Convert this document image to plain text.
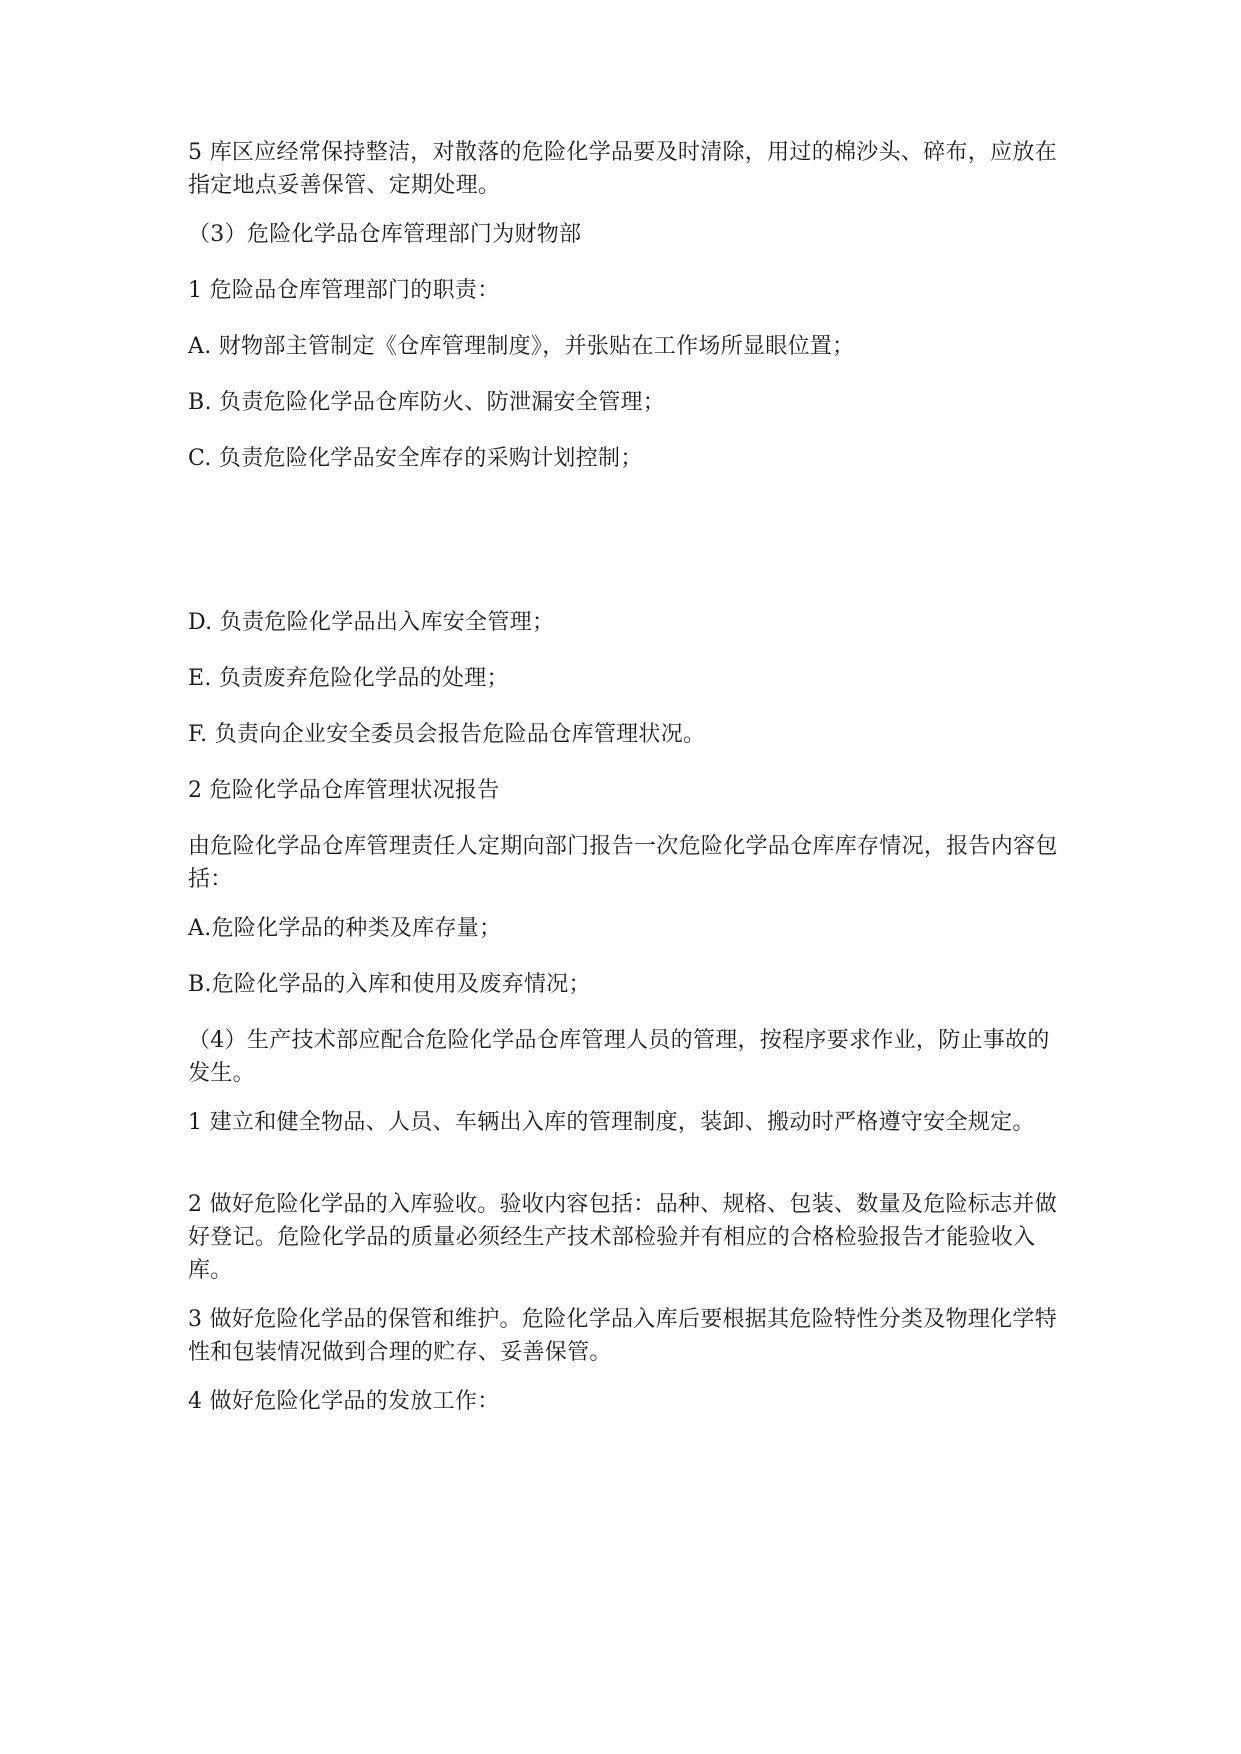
5 库区应经常保持整洁，对散落的危险化学品要及时清除，用过的棉沙头、碎布，应放在指定地点妥善保管、定期处理。

（3）危险化学品仓库管理部门为财物部

1 危险品仓库管理部门的职责：

A. 财物部主管制定《仓库管理制度》，并张贴在工作场所显眼位置；

B. 负责危险化学品仓库防火、防泄漏安全管理；

C. 负责危险化学品安全库存的采购计划控制；

D. 负责危险化学品出入库安全管理；

E. 负责废弃危险化学品的处理；

F. 负责向企业安全委员会报告危险品仓库管理状况。

2 危险化学品仓库管理状况报告

由危险化学品仓库管理责任人定期向部门报告一次危险化学品仓库库存情况，报告内容包括：

A.危险化学品的种类及库存量；

B.危险化学品的入库和使用及废弃情况；

（4）生产技术部应配合危险化学品仓库管理人员的管理，按程序要求作业，防止事故的发生。

1 建立和健全物品、人员、车辆出入库的管理制度，装卸、搬动时严格遵守安全规定。

2 做好危险化学品的入库验收。验收内容包括：品种、规格、包装、数量及危险标志并做好登记。危险化学品的质量必须经生产技术部检验并有相应的合格检验报告才能验收入库。

3 做好危险化学品的保管和维护。危险化学品入库后要根据其危险特性分类及物理化学特性和包装情况做到合理的贮存、妥善保管。

4 做好危险化学品的发放工作：
